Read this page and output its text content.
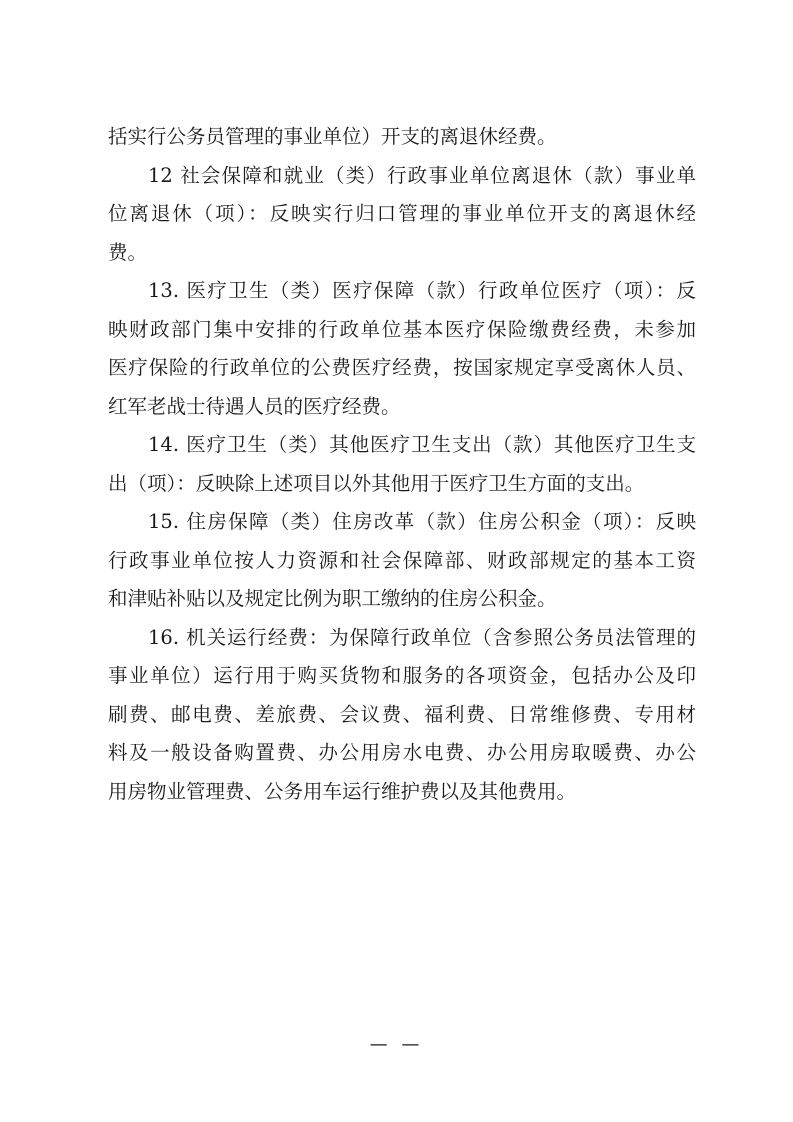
括实行公务员管理的事业单位）开支的离退休经费。
12 社会保障和就业（类）行政事业单位离退休（款）事业单
位离退休（项）：反映实行归口管理的事业单位开支的离退休经
费。
13. 医疗卫生（类）医疗保障（款）行政单位医疗（项）：反
映财政部门集中安排的行政单位基本医疗保险缴费经费，未参加
医疗保险的行政单位的公费医疗经费，按国家规定享受离休人员、
红军老战士待遇人员的医疗经费。
14. 医疗卫生（类）其他医疗卫生支出（款）其他医疗卫生支
出（项）：反映除上述项目以外其他用于医疗卫生方面的支出。
15. 住房保障（类）住房改革（款）住房公积金（项）：反映
行政事业单位按人力资源和社会保障部、财政部规定的基本工资
和津贴补贴以及规定比例为职工缴纳的住房公积金。
16. 机关运行经费：为保障行政单位（含参照公务员法管理的
事业单位）运行用于购买货物和服务的各项资金，包括办公及印
刷费、邮电费、差旅费、会议费、福利费、日常维修费、专用材
料及一般设备购置费、办公用房水电费、办公用房取暖费、办公
用房物业管理费、公务用车运行维护费以及其他费用。
— —
